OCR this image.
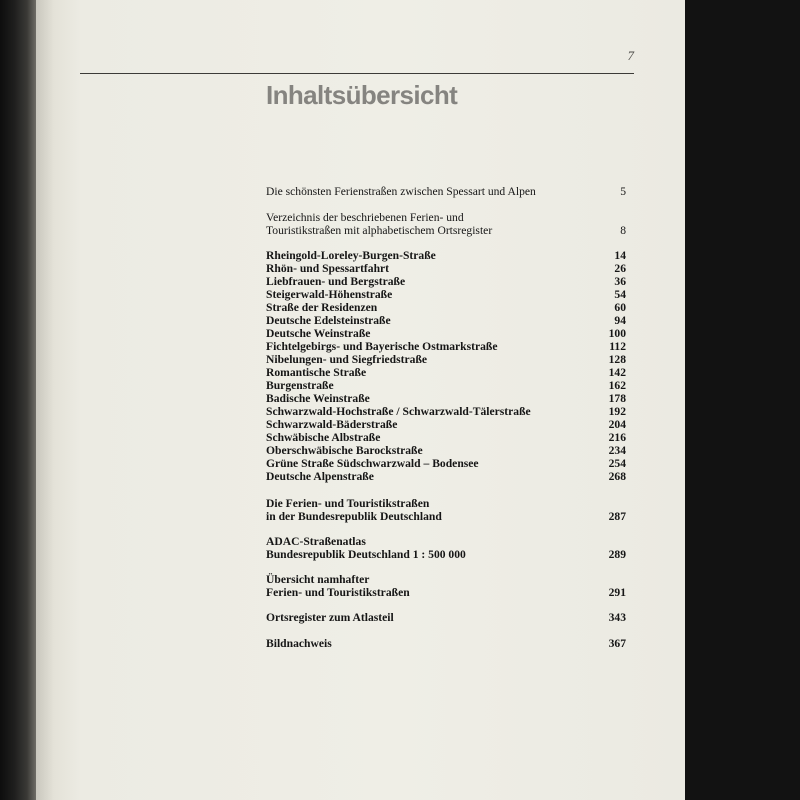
7
Inhaltsübersicht
Die schönsten Ferienstraßen zwischen Spessart und Alpen	5
Verzeichnis der beschriebenen Ferien- und
Touristikstraßen mit alphabetischem Ortsregister	8
Rheingold-Loreley-Burgen-Straße	14
Rhön- und Spessartfahrt	26
Liebfrauen- und Bergstraße	36
Steigerwald-Höhenstraße	54
Straße der Residenzen	60
Deutsche Edelsteinstraße	94
Deutsche Weinstraße	100
Fichtelgebirgs- und Bayerische Ostmarkstraße	112
Nibelungen- und Siegfriedstraße	128
Romantische Straße	142
Burgenstraße	162
Badische Weinstraße	178
Schwarzwald-Hochstraße / Schwarzwald-Tälerstraße	192
Schwarzwald-Bäderstraße	204
Schwäbische Albstraße	216
Oberschwäbische Barockstraße	234
Grüne Straße Südschwarzwald – Bodensee	254
Deutsche Alpenstraße	268
Die Ferien- und Touristikstraßen
in der Bundesrepublik Deutschland	287
ADAC-Straßenatlas
Bundesrepublik Deutschland 1 : 500 000	289
Übersicht namhafter
Ferien- und Touristikstraßen	291
Ortsregister zum Atlasteil	343
Bildnachweis	367
